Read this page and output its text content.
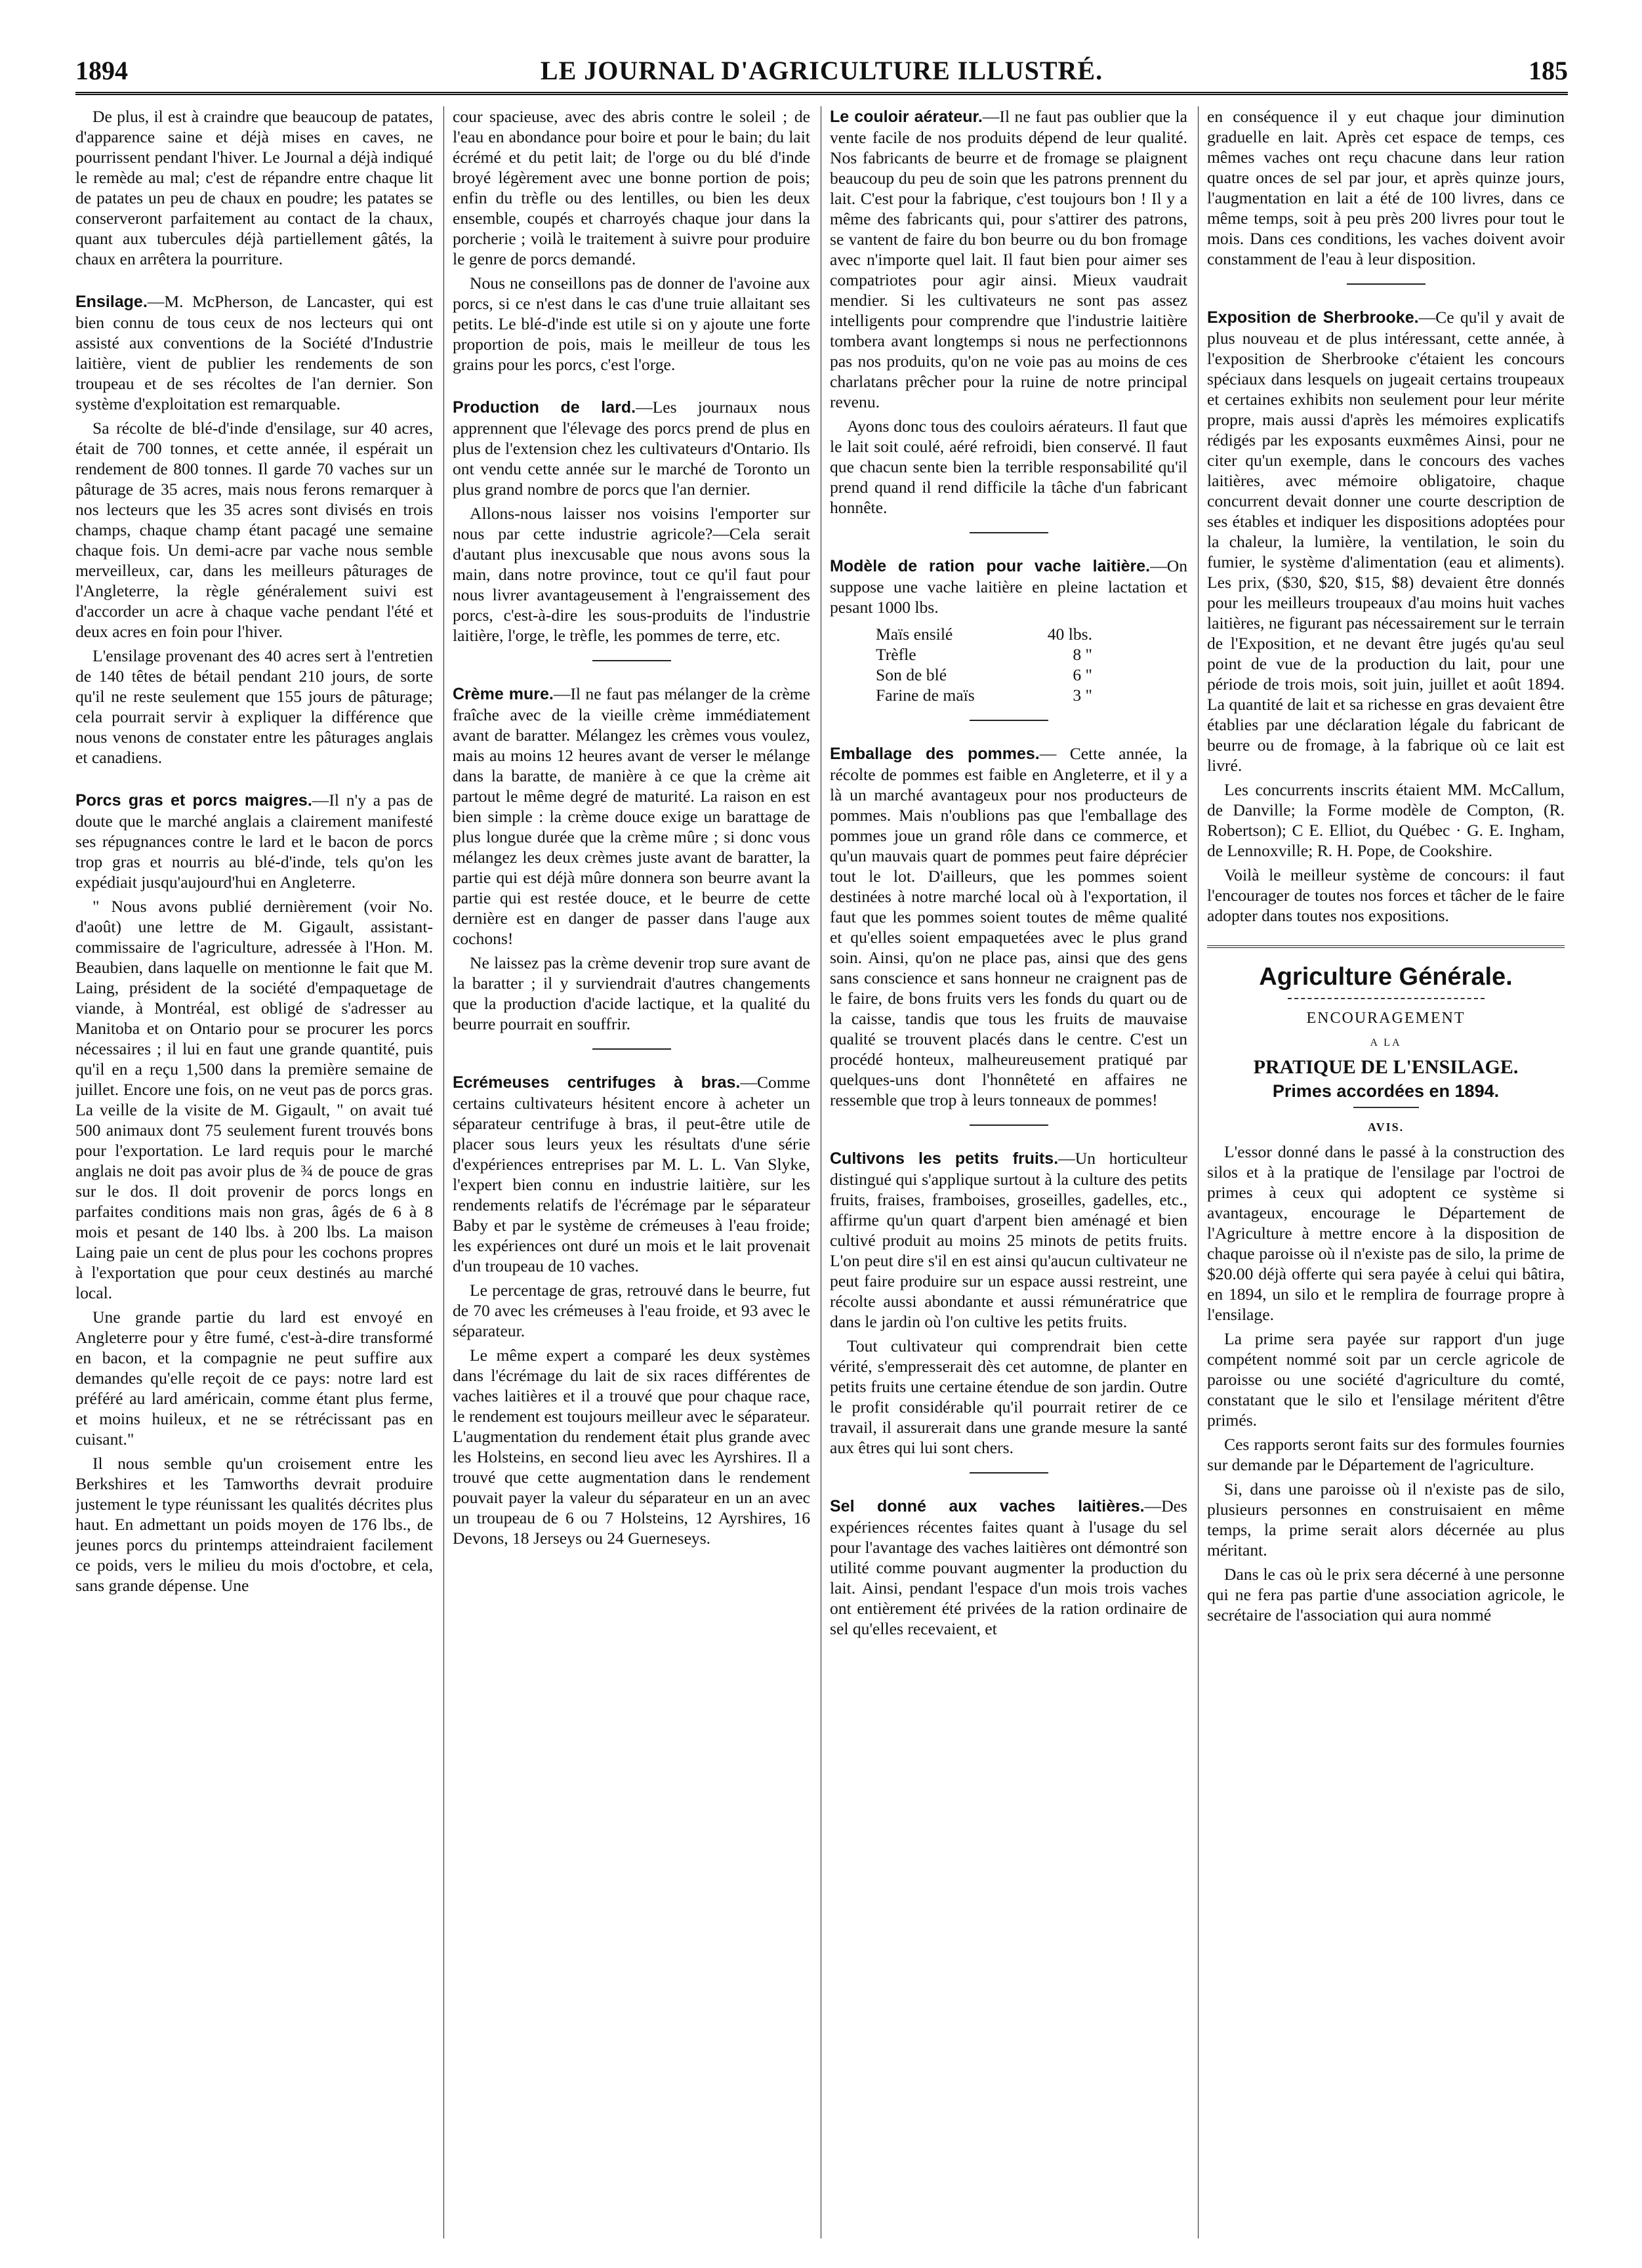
1894	LE JOURNAL D'AGRICULTURE ILLUSTRÉ.	185

De plus, il est à craindre que beaucoup de patates, d'apparence saine et déjà mises en caves, ne pourrissent pendant l'hiver. Le Journal a déjà indiqué le remède au mal; c'est de répandre entre chaque lit de patates un peu de chaux en poudre; les patates se conserveront parfaitement au contact de la chaux, quant aux tubercules déjà partiellement gâtés, la chaux en arrêtera la pourriture.

Ensilage.—M. McPherson, de Lancaster, qui est bien connu de tous ceux de nos lecteurs qui ont assisté aux conventions de la Société d'Industrie laitière, vient de publier les rendements de son troupeau et de ses récoltes de l'an dernier. Son système d'exploitation est remarquable.

Sa récolte de blé-d'inde d'ensilage, sur 40 acres, était de 700 tonnes, et cette année, il espérait un rendement de 800 tonnes. Il garde 70 vaches sur un pâturage de 35 acres, mais nous ferons remarquer à nos lecteurs que les 35 acres sont divisés en trois champs, chaque champ étant pacagé une semaine chaque fois. Un demi-acre par vache nous semble merveilleux, car, dans les meilleurs pâturages de l'Angleterre, la règle généralement suivi est d'accorder un acre à chaque vache pendant l'été et deux acres en foin pour l'hiver.

L'ensilage provenant des 40 acres sert à l'entretien de 140 têtes de bétail pendant 210 jours, de sorte qu'il ne reste seulement que 155 jours de pâturage; cela pourrait servir à expliquer la différence que nous venons de constater entre les pâturages anglais et canadiens.

Porcs gras et porcs maigres.—Il n'y a pas de doute que le marché anglais a clairement manifesté ses répugnances contre le lard et le bacon de porcs trop gras et nourris au blé-d'inde, tels qu'on les expédiait jusqu'aujourd'hui en Angleterre.

" Nous avons publié dernièrement (voir No. d'août) une lettre de M. Gigault, assistant-commissaire de l'agriculture, adressée à l'Hon. M. Beaubien, dans laquelle on mentionne le fait que M. Laing, président de la société d'empaquetage de viande, à Montréal, est obligé de s'adresser au Manitoba et on Ontario pour se procurer les porcs nécessaires ; il lui en faut une grande quantité, puis qu'il en a reçu 1,500 dans la première semaine de juillet. Encore une fois, on ne veut pas de porcs gras. La veille de la visite de M. Gigault, " on avait tué 500 animaux dont 75 seulement furent trouvés bons pour l'exportation. Le lard requis pour le marché anglais ne doit pas avoir plus de ¾ de pouce de gras sur le dos. Il doit provenir de porcs longs en parfaites conditions mais non gras, âgés de 6 à 8 mois et pesant de 140 lbs. à 200 lbs. La maison Laing paie un cent de plus pour les cochons propres à l'exportation que pour ceux destinés au marché local.

Une grande partie du lard est envoyé en Angleterre pour y être fumé, c'est-à-dire transformé en bacon, et la compagnie ne peut suffire aux demandes qu'elle reçoit de ce pays: notre lard est préféré au lard américain, comme étant plus ferme, et moins huileux, et ne se rétrécissant pas en cuisant."

Il nous semble qu'un croisement entre les Berkshires et les Tamworths devrait produire justement le type réunissant les qualités décrites plus haut. En admettant un poids moyen de 176 lbs., de jeunes porcs du printemps atteindraient facilement ce poids, vers le milieu du mois d'octobre, et cela, sans grande dépense. Une

cour spacieuse, avec des abris contre le soleil ; de l'eau en abondance pour boire et pour le bain; du lait écrémé et du petit lait; de l'orge ou du blé d'inde broyé légèrement avec une bonne portion de pois; enfin du trèfle ou des lentilles, ou bien les deux ensemble, coupés et charroyés chaque jour dans la porcherie ; voilà le traitement à suivre pour produire le genre de porcs demandé.

Nous ne conseillons pas de donner de l'avoine aux porcs, si ce n'est dans le cas d'une truie allaitant ses petits. Le blé-d'inde est utile si on y ajoute une forte proportion de pois, mais le meilleur de tous les grains pour les porcs, c'est l'orge.

Production de lard.—Les journaux nous apprennent que l'élevage des porcs prend de plus en plus de l'extension chez les cultivateurs d'Ontario. Ils ont vendu cette année sur le marché de Toronto un plus grand nombre de porcs que l'an dernier.

Allons-nous laisser nos voisins l'emporter sur nous par cette industrie agricole?—Cela serait d'autant plus inexcusable que nous avons sous la main, dans notre province, tout ce qu'il faut pour nous livrer avantageusement à l'engraissement des porcs, c'est-à-dire les sous-produits de l'industrie laitière, l'orge, le trèfle, les pommes de terre, etc.

Crème mure.—Il ne faut pas mélanger de la crème fraîche avec de la vieille crème immédiatement avant de baratter. Mélangez les crèmes vous voulez, mais au moins 12 heures avant de verser le mélange dans la baratte, de manière à ce que la crème ait partout le même degré de maturité. La raison en est bien simple : la crème douce exige un barattage de plus longue durée que la crème mûre ; si donc vous mélangez les deux crèmes juste avant de baratter, la partie qui est déjà mûre donnera son beurre avant la partie qui est restée douce, et le beurre de cette dernière est en danger de passer dans l'auge aux cochons!

Ne laissez pas la crème devenir trop sure avant de la baratter ; il y surviendrait d'autres changements que la production d'acide lactique, et la qualité du beurre pourrait en souffrir.

Ecrémeuses centrifuges à bras.—Comme certains cultivateurs hésitent encore à acheter un séparateur centrifuge à bras, il peut-être utile de placer sous leurs yeux les résultats d'une série d'expériences entreprises par M. L. L. Van Slyke, l'expert bien connu en industrie laitière, sur les rendements relatifs de l'écrémage par le séparateur Baby et par le système de crémeuses à l'eau froide; les expériences ont duré un mois et le lait provenait d'un troupeau de 10 vaches.

Le percentage de gras, retrouvé dans le beurre, fut de 70 avec les crémeuses à l'eau froide, et 93 avec le séparateur.

Le même expert a comparé les deux systèmes dans l'écrémage du lait de six races différentes de vaches laitières et il a trouvé que pour chaque race, le rendement est toujours meilleur avec le séparateur. L'augmentation du rendement était plus grande avec les Holsteins, en second lieu avec les Ayrshires. Il a trouvé que cette augmentation dans le rendement pouvait payer la valeur du séparateur en un an avec un troupeau de 6 ou 7 Holsteins, 12 Ayrshires, 16 Devons, 18 Jerseys ou 24 Guerneseys.

Le couloir aérateur.—Il ne faut pas oublier que la vente facile de nos produits dépend de leur qualité. Nos fabricants de beurre et de fromage se plaignent beaucoup du peu de soin que les patrons prennent du lait. C'est pour la fabrique, c'est toujours bon ! Il y a même des fabricants qui, pour s'attirer des patrons, se vantent de faire du bon beurre ou du bon fromage avec n'importe quel lait. Il faut bien pour aimer ses compatriotes pour agir ainsi. Mieux vaudrait mendier. Si les cultivateurs ne sont pas assez intelligents pour comprendre que l'industrie laitière tombera avant longtemps si nous ne perfectionnons pas nos produits, qu'on ne voie pas au moins de ces charlatans prêcher pour la ruine de notre principal revenu.

Ayons donc tous des couloirs aérateurs. Il faut que le lait soit coulé, aéré refroidi, bien conservé. Il faut que chacun sente bien la terrible responsabilité qu'il prend quand il rend difficile la tâche d'un fabricant honnête.

Modèle de ration pour vache laitière.—On suppose une vache laitière en pleine lactation et pesant 1000 lbs.

Maïs ensilé	40 lbs.
Trèfle	8 "
Son de blé	6 "
Farine de maïs	3 "

Emballage des pommes.— Cette année, la récolte de pommes est faible en Angleterre, et il y a là un marché avantageux pour nos producteurs de pommes. Mais n'oublions pas que l'emballage des pommes joue un grand rôle dans ce commerce, et qu'un mauvais quart de pommes peut faire déprécier tout le lot. D'ailleurs, que les pommes soient destinées à notre marché local où à l'exportation, il faut que les pommes soient toutes de même qualité et qu'elles soient empaquetées avec le plus grand soin. Ainsi, qu'on ne place pas, ainsi que des gens sans conscience et sans honneur ne craignent pas de le faire, de bons fruits vers les fonds du quart ou de la caisse, tandis que tous les fruits de mauvaise qualité se trouvent placés dans le centre. C'est un procédé honteux, malheureusement pratiqué par quelques-uns dont l'honnêteté en affaires ne ressemble que trop à leurs tonneaux de pommes!

Cultivons les petits fruits.—Un horticulteur distingué qui s'applique surtout à la culture des petits fruits, fraises, framboises, groseilles, gadelles, etc., affirme qu'un quart d'arpent bien aménagé et bien cultivé produit au moins 25 minots de petits fruits. L'on peut dire s'il en est ainsi qu'aucun cultivateur ne peut faire produire sur un espace aussi restreint, une récolte aussi abondante et aussi rémunératrice que dans le jardin où l'on cultive les petits fruits.

Tout cultivateur qui comprendrait bien cette vérité, s'empresserait dès cet automne, de planter en petits fruits une certaine étendue de son jardin. Outre le profit considérable qu'il pourrait retirer de ce travail, il assurerait dans une grande mesure la santé aux êtres qui lui sont chers.

Sel donné aux vaches laitières.—Des expériences récentes faites quant à l'usage du sel pour l'avantage des vaches laitières ont démontré son utilité comme pouvant augmenter la production du lait. Ainsi, pendant l'espace d'un mois trois vaches ont entièrement été privées de la ration ordinaire de sel qu'elles recevaient, et

en conséquence il y eut chaque jour diminution graduelle en lait. Après cet espace de temps, ces mêmes vaches ont reçu chacune dans leur ration quatre onces de sel par jour, et après quinze jours, l'augmentation en lait a été de 100 livres, dans ce même temps, soit à peu près 200 livres pour tout le mois. Dans ces conditions, les vaches doivent avoir constamment de l'eau à leur disposition.

Exposition de Sherbrooke.—Ce qu'il y avait de plus nouveau et de plus intéressant, cette année, à l'exposition de Sherbrooke c'étaient les concours spéciaux dans lesquels on jugeait certains troupeaux et certaines exhibits non seulement pour leur mérite propre, mais aussi d'après les mémoires explicatifs rédigés par les exposants euxmêmes Ainsi, pour ne citer qu'un exemple, dans le concours des vaches laitières, avec mémoire obligatoire, chaque concurrent devait donner une courte description de ses étables et indiquer les dispositions adoptées pour la chaleur, la lumière, la ventilation, le soin du fumier, le système d'alimentation (eau et aliments). Les prix, ($30, $20, $15, $8) devaient être donnés pour les meilleurs troupeaux d'au moins huit vaches laitières, ne figurant pas nécessairement sur le terrain de l'Exposition, et ne devant être jugés qu'au seul point de vue de la production du lait, pour une période de trois mois, soit juin, juillet et août 1894. La quantité de lait et sa richesse en gras devaient être établies par une déclaration légale du fabricant de beurre ou de fromage, à la fabrique où ce lait est livré.

Les concurrents inscrits étaient MM. McCallum, de Danville; la Forme modèle de Compton, (R. Robertson); C E. Elliot, du Québec · G. E. Ingham, de Lennoxville; R. H. Pope, de Cookshire.

Voilà le meilleur système de concours: il faut l'encourager de toutes nos forces et tâcher de le faire adopter dans toutes nos expositions.

Agriculture Générale.

ENCOURAGEMENT

A LA

PRATIQUE DE L'ENSILAGE.

Primes accordées en 1894.

AVIS.

L'essor donné dans le passé à la construction des silos et à la pratique de l'ensilage par l'octroi de primes à ceux qui adoptent ce système si avantageux, encourage le Département de l'Agriculture à mettre encore à la disposition de chaque paroisse où il n'existe pas de silo, la prime de $20.00 déjà offerte qui sera payée à celui qui bâtira, en 1894, un silo et le remplira de fourrage propre à l'ensilage.

La prime sera payée sur rapport d'un juge compétent nommé soit par un cercle agricole de paroisse ou une société d'agriculture du comté, constatant que le silo et l'ensilage méritent d'être primés.

Ces rapports seront faits sur des formules fournies sur demande par le Département de l'agriculture.

Si, dans une paroisse où il n'existe pas de silo, plusieurs personnes en construisaient en même temps, la prime serait alors décernée au plus méritant.

Dans le cas où le prix sera décerné à une personne qui ne fera pas partie d'une association agricole, le secrétaire de l'association qui aura nommé
